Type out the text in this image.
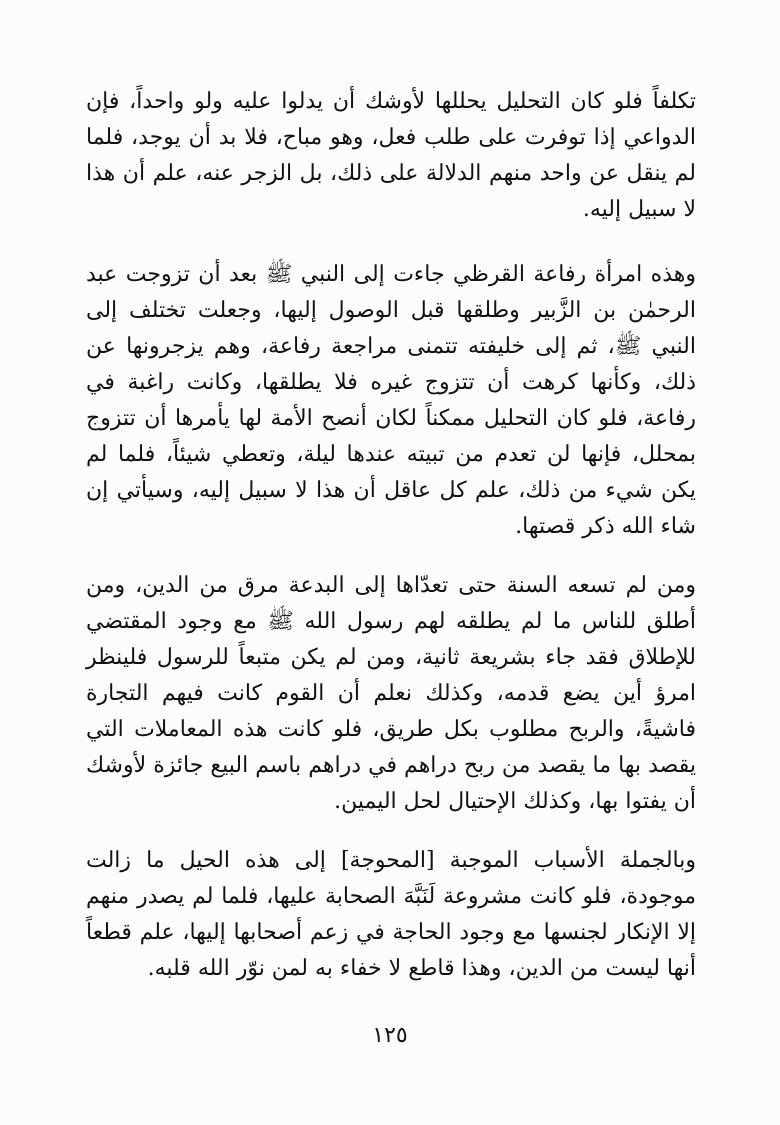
تكلفاً فلو كان التحليل يحللها لأوشك أن يدلوا عليه ولو واحداً، فإن الدواعي إذا توفرت على طلب فعل، وهو مباح، فلا بد أن يوجد، فلما لم ينقل عن واحد منهم الدلالة على ذلك، بل الزجر عنه، علم أن هذا لا سبيل إليه.

وهذه امرأة رفاعة القرظي جاءت إلى النبي ﷺ بعد أن تزوجت عبد الرحمٰن بن الزَّبير وطلقها قبل الوصول إليها، وجعلت تختلف إلى النبي ﷺ، ثم إلى خليفته تتمنى مراجعة رفاعة، وهم يزجرونها عن ذلك، وكأنها كرهت أن تتزوج غيره فلا يطلقها، وكانت راغبة في رفاعة، فلو كان التحليل ممكناً لكان أنصح الأمة لها يأمرها أن تتزوج بمحلل، فإنها لن تعدم من تبيته عندها ليلة، وتعطي شيئاً، فلما لم يكن شيء من ذلك، علم كل عاقل أن هذا لا سبيل إليه، وسيأتي إن شاء الله ذكر قصتها.

ومن لم تسعه السنة حتى تعدّاها إلى البدعة مرق من الدين، ومن أطلق للناس ما لم يطلقه لهم رسول الله ﷺ مع وجود المقتضي للإطلاق فقد جاء بشريعة ثانية، ومن لم يكن متبعاً للرسول فلينظر امرؤ أين يضع قدمه، وكذلك نعلم أن القوم كانت فيهم التجارة فاشيةً، والربح مطلوب بكل طريق، فلو كانت هذه المعاملات التي يقصد بها ما يقصد من ربح دراهم في دراهم باسم البيع جائزة لأوشك أن يفتوا بها، وكذلك الإحتيال لحل اليمين.

وبالجملة الأسباب الموجبة [المحوجة] إلى هذه الحيل ما زالت موجودة، فلو كانت مشروعة لَنَبَّهَ الصحابة عليها، فلما لم يصدر منهم إلا الإنكار لجنسها مع وجود الحاجة في زعم أصحابها إليها، علم قطعاً أنها ليست من الدين، وهذا قاطع لا خفاء به لمن نوّر الله قلبه.

١٢٥
